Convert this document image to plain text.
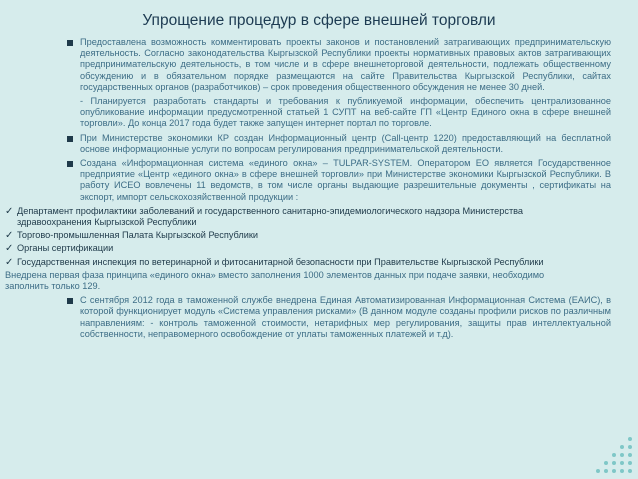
Упрощение процедур в сфере внешней торговли
Предоставлена возможность комментировать проекты законов и постановлений затрагивающих предпринимательскую деятельность. Согласно законодательства Кыргызской Республики проекты нормативных правовых актов затрагивающих предпринимательскую деятельность, в том числе и в сфере внешнеторговой деятельности, подлежать общественному обсуждению и в обязательном порядке размещаются на сайте Правительства Кыргызской Республики, сайтах государственных органов (разработчиков) – срок проведения общественного обсуждения не менее 30 дней.
- Планируется разработать стандарты и требования к публикуемой информации, обеспечить централизованное опубликование информации предусмотренной статьей 1 СУПТ на веб-сайте ГП «Центр Единого окна в сфере внешней торговли». До конца 2017 года будет также запущен интернет портал по торговле.
При Министерстве экономики КР создан Информационный центр (Call-центр 1220) предоставляющий на бесплатной основе информационные услуги по вопросам регулирования предпринимательской деятельности.
Создана «Информационная система «единого окна» – TULPAR-SYSTEM. Оператором ЕО является Государственное предприятие «Центр «единого окна» в сфере внешней торговли» при Министерстве экономики Кыргызской Республики. В работу ИСЕО вовлечены 11 ведомств, в том числе органы выдающие разрешительные документы , сертификаты на экспорт, импорт сельскохозяйственной продукции :
✓ Департамент профилактики заболеваний и государственного санитарно-эпидемиологического надзора Министерства здравоохранения Кыргызской Республики
✓ Торгово-промышленная Палата Кыргызской Республики
✓ Органы сертификации
✓ Государственная инспекция по ветеринарной и фитосанитарной безопасности при Правительстве Кыргызской Республики
Внедрена первая фаза принципа «единого окна» вместо заполнения 1000 элементов данных при подаче заявки, необходимо заполнить только 129.
С сентября 2012 года в таможенной службе внедрена Единая Автоматизированная Информационная Система (ЕАИС), в которой функционирует модуль «Система управления рисками» (В данном модуле созданы профили рисков по различным направлениям: - контроль таможенной стоимости, нетарифных мер регулирования, защиты прав интеллектуальной собственности, неправомерного освобождение от уплаты таможенных платежей и т.д).
